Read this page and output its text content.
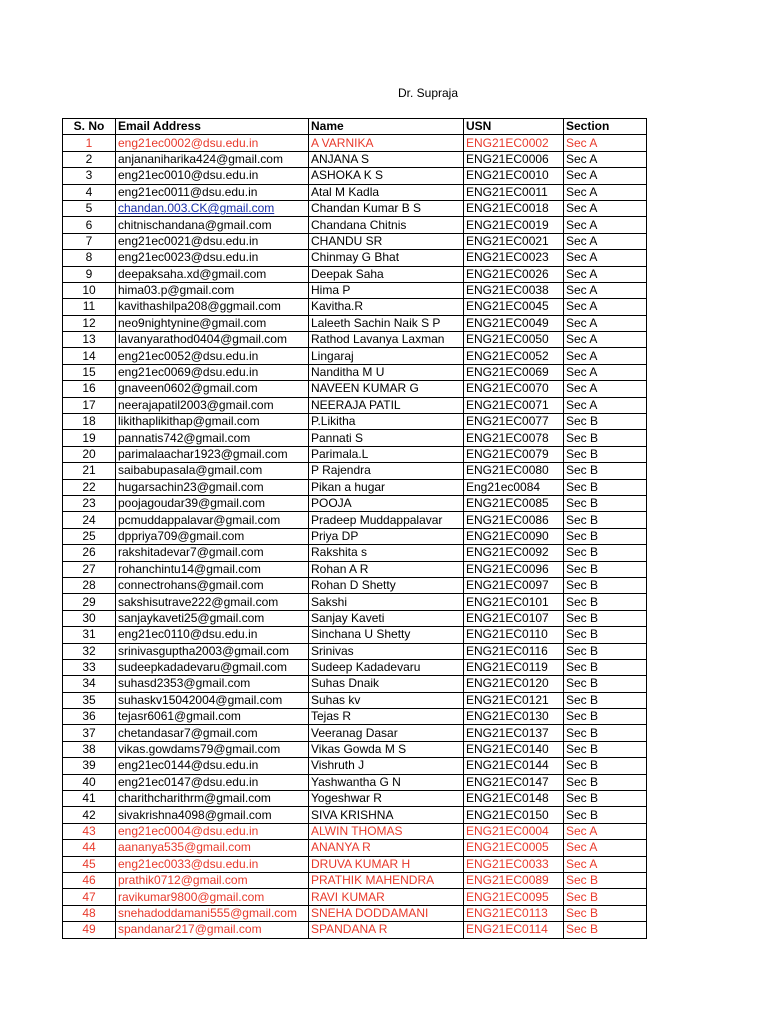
Dr. Supraja
S. No	Email Address	Name	USN	Section
1	eng21ec0002@dsu.edu.in	A VARNIKA	ENG21EC0002	Sec A
2	anjananiharika424@gmail.com	ANJANA S	ENG21EC0006	Sec A
3	eng21ec0010@dsu.edu.in	ASHOKA K S	ENG21EC0010	Sec A
4	eng21ec0011@dsu.edu.in	Atal M Kadla	ENG21EC0011	Sec A
5	chandan.003.CK@gmail.com	Chandan Kumar B S	ENG21EC0018	Sec A
6	chitnischandana@gmail.com	Chandana Chitnis	ENG21EC0019	Sec A
7	eng21ec0021@dsu.edu.in	CHANDU SR	ENG21EC0021	Sec A
8	eng21ec0023@dsu.edu.in	Chinmay G Bhat	ENG21EC0023	Sec A
9	deepaksaha.xd@gmail.com	Deepak Saha	ENG21EC0026	Sec A
10	hima03.p@gmail.com	Hima P	ENG21EC0038	Sec A
11	kavithashilpa208@ggmail.com	Kavitha.R	ENG21EC0045	Sec A
12	neo9nightynine@gmail.com	Laleeth Sachin Naik S P	ENG21EC0049	Sec A
13	lavanyarathod0404@gmail.com	Rathod Lavanya Laxman	ENG21EC0050	Sec A
14	eng21ec0052@dsu.edu.in	Lingaraj	ENG21EC0052	Sec A
15	eng21ec0069@dsu.edu.in	Nanditha M U	ENG21EC0069	Sec A
16	gnaveen0602@gmail.com	NAVEEN KUMAR G	ENG21EC0070	Sec A
17	neerajapatil2003@gmail.com	NEERAJA PATIL	ENG21EC0071	Sec A
18	likithaplikithap@gmail.com	P.Likitha	ENG21EC0077	Sec B
19	pannatis742@gmail.com	Pannati S	ENG21EC0078	Sec B
20	parimalaachar1923@gmail.com	Parimala.L	ENG21EC0079	Sec B
21	saibabupasala@gmail.com	P Rajendra	ENG21EC0080	Sec B
22	hugarsachin23@gmail.com	Pikan a hugar	Eng21ec0084	Sec B
23	poojagoudar39@gmail.com	POOJA	ENG21EC0085	Sec B
24	pcmuddappalavar@gmail.com	Pradeep Muddappalavar	ENG21EC0086	Sec B
25	dppriya709@gmail.com	Priya DP	ENG21EC0090	Sec B
26	rakshitadevar7@gmail.com	Rakshita s	ENG21EC0092	Sec B
27	rohanchintu14@gmail.com	Rohan A R	ENG21EC0096	Sec B
28	connectrohans@gmail.com	Rohan D Shetty	ENG21EC0097	Sec B
29	sakshisutrave222@gmail.com	Sakshi	ENG21EC0101	Sec B
30	sanjaykaveti25@gmail.com	Sanjay Kaveti	ENG21EC0107	Sec B
31	eng21ec0110@dsu.edu.in	Sinchana U Shetty	ENG21EC0110	Sec B
32	srinivasguptha2003@gmail.com	Srinivas	ENG21EC0116	Sec B
33	sudeepkadadevaru@gmail.com	Sudeep Kadadevaru	ENG21EC0119	Sec B
34	suhasd2353@gmail.com	Suhas Dnaik	ENG21EC0120	Sec B
35	suhaskv15042004@gmail.com	Suhas kv	ENG21EC0121	Sec B
36	tejasr6061@gmail.com	Tejas R	ENG21EC0130	Sec B
37	chetandasar7@gmail.com	Veeranag Dasar	ENG21EC0137	Sec B
38	vikas.gowdams79@gmail.com	Vikas Gowda M S	ENG21EC0140	Sec B
39	eng21ec0144@dsu.edu.in	Vishruth J	ENG21EC0144	Sec B
40	eng21ec0147@dsu.edu.in	Yashwantha G N	ENG21EC0147	Sec B
41	charithcharithrm@gmail.com	Yogeshwar R	ENG21EC0148	Sec B
42	sivakrishna4098@gmail.com	SIVA KRISHNA	ENG21EC0150	Sec B
43	eng21ec0004@dsu.edu.in	ALWIN THOMAS	ENG21EC0004	Sec A
44	aananya535@gmail.com	ANANYA R	ENG21EC0005	Sec A
45	eng21ec0033@dsu.edu.in	DRUVA KUMAR H	ENG21EC0033	Sec A
46	prathik0712@gmail.com	PRATHIK MAHENDRA	ENG21EC0089	Sec B
47	ravikumar9800@gmail.com	RAVI KUMAR	ENG21EC0095	Sec B
48	snehadoddamani555@gmail.com	SNEHA DODDAMANI	ENG21EC0113	Sec B
49	spandanar217@gmail.com	SPANDANA R	ENG21EC0114	Sec B
